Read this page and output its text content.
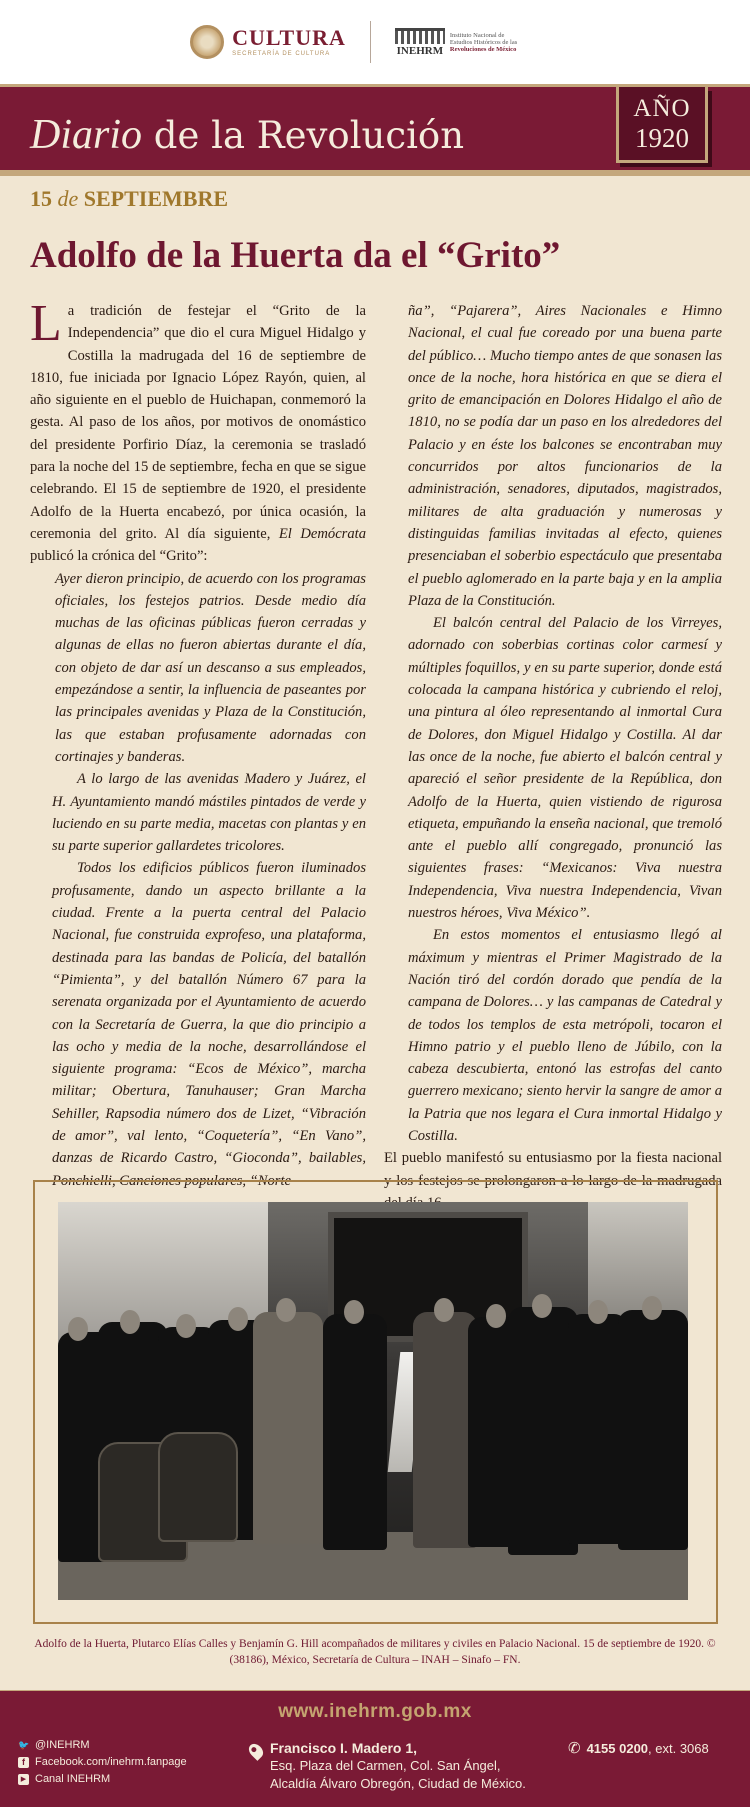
CULTURA
SECRETARÍA DE CULTURA	INEHRM
Instituto Nacional de
Estudios Históricos de las
Revoluciones de México
Diario de la Revolución
AÑO
1920
15 de SEPTIEMBRE
Adolfo de la Huerta da el “Grito”

La tradición de festejar el “Grito de la Independencia” que dio el cura Miguel Hidalgo y Costilla la madrugada del 16 de septiembre de 1810, fue iniciada por Ignacio López Rayón, quien, al año siguiente en el pueblo de Huichapan, conmemoró la gesta. Al paso de los años, por motivos de onomástico del presidente Porfirio Díaz, la ceremonia se trasladó para la noche del 15 de septiembre, fecha en que se sigue celebrando. El 15 de septiembre de 1920, el presidente Adolfo de la Huerta encabezó, por única ocasión, la ceremonia del grito. Al día siguiente, El Demócrata publicó la crónica del “Grito”:

Ayer dieron principio, de acuerdo con los programas oficiales, los festejos patrios. Desde medio día muchas de las oficinas públicas fueron cerradas y algunas de ellas no fueron abiertas durante el día, con objeto de dar así un descanso a sus empleados, empezándose a sentir, la influencia de paseantes por las principales avenidas y Plaza de la Constitución, las que estaban profusamente adornadas con cortinajes y banderas.

A lo largo de las avenidas Madero y Juárez, el H. Ayuntamiento mandó mástiles pintados de verde y luciendo en su parte media, macetas con plantas y en su parte superior gallardetes tricolores.

Todos los edificios públicos fueron iluminados profusamente, dando un aspecto brillante a la ciudad. Frente a la puerta central del Palacio Nacional, fue construida exprofeso, una plataforma, destinada para las bandas de Policía, del batallón “Pimienta”, y del batallón Número 67 para la serenata organizada por el Ayuntamiento de acuerdo con la Secretaría de Guerra, la que dio principio a las ocho y media de la noche, desarrollándose el siguiente programa: “Ecos de México”, marcha militar; Obertura, Tanuhauser; Gran Marcha Sehiller, Rapsodia número dos de Lizet, “Vibración de amor”, val lento, “Coquetería”, “En Vano”, danzas de Ricardo Castro, “Gioconda”, bailables, Ponchielli, Canciones populares, “Norte-

ña”, “Pajarera”, Aires Nacionales e Himno Nacional, el cual fue coreado por una buena parte del público… Mucho tiempo antes de que sonasen las once de la noche, hora histórica en que se diera el grito de emancipación en Dolores Hidalgo el año de 1810, no se podía dar un paso en los alrededores del Palacio y en éste los balcones se encontraban muy concurridos por altos funcionarios de la administración, senadores, diputados, magistrados, militares de alta graduación y numerosas y distinguidas familias invitadas al efecto, quienes presenciaban el soberbio espectáculo que presentaba el pueblo aglomerado en la parte baja y en la amplia Plaza de la Constitución.

El balcón central del Palacio de los Virreyes, adornado con soberbias cortinas color carmesí y múltiples foquillos, y en su parte superior, donde está colocada la campana histórica y cubriendo el reloj, una pintura al óleo representando al inmortal Cura de Dolores, don Miguel Hidalgo y Costilla. Al dar las once de la noche, fue abierto el balcón central y apareció el señor presidente de la República, don Adolfo de la Huerta, quien vistiendo de rigurosa etiqueta, empuñando la enseña nacional, que tremoló ante el pueblo allí congregado, pronunció las siguientes frases: “Mexicanos: Viva nuestra Independencia, Viva nuestra Independencia, Vivan nuestros héroes, Viva México”.

En estos momentos el entusiasmo llegó al máximum y mientras el Primer Magistrado de la Nación tiró del cordón dorado que pendía de la campana de Dolores… y las campanas de Catedral y de todos los templos de esta metrópoli, tocaron el Himno patrio y el pueblo lleno de Júbilo, con la cabeza descubierta, entonó las estrofas del canto guerrero mexicano; siento hervir la sangre de amor a la Patria que nos legara el Cura inmortal Hidalgo y Costilla.

El pueblo manifestó su entusiasmo por la fiesta nacional y los festejos se prolongaron a lo largo de la madrugada

Adolfo de la Huerta, Plutarco Elías Calles y Benjamín G. Hill acompañados de militares y civiles en Palacio Nacional. 15 de septiembre de 1920. © (38186), México, Secretaría de Cultura – INAH – Sinafo – FN.
www.inehrm.gob.mx
🐦 @INEHRM
f Facebook.com/inehrm.fanpage
▶ Canal INEHRM
Francisco I. Madero 1,
Esq. Plaza del Carmen, Col. San Ángel,
Alcaldía Álvaro Obregón, Ciudad de México.
✆ 4155 0200, ext. 3068
